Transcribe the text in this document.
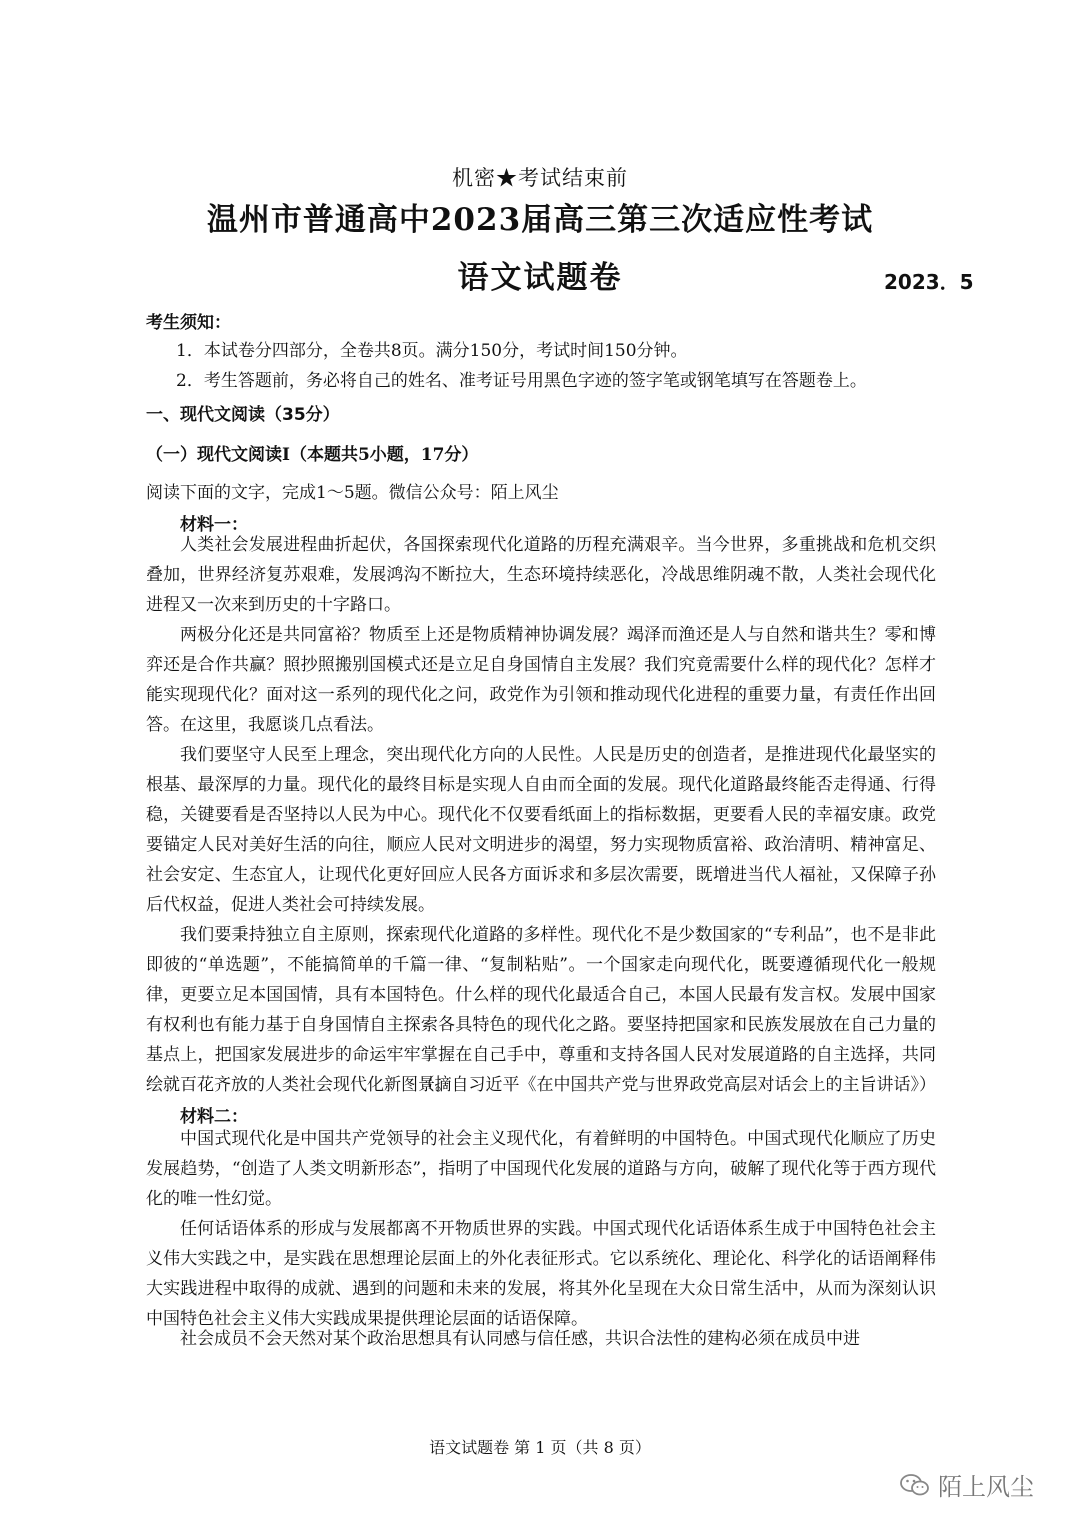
机密★考试结束前
温州市普通高中2023届高三第三次适应性考试
语文试题卷	2023．5
考生须知：
1．本试卷分四部分，全卷共8页。满分150分，考试时间150分钟。
2．考生答题前，务必将自己的姓名、准考证号用黑色字迹的签字笔或钢笔填写在答题卷上。
一、现代文阅读（35分）
（一）现代文阅读Ⅰ（本题共5小题，17分）
阅读下面的文字，完成1～5题。微信公众号：陌上风尘
材料一：
人类社会发展进程曲折起伏，各国探索现代化道路的历程充满艰辛。当今世界，多重挑战和危机交织叠加，世界经济复苏艰难，发展鸿沟不断拉大，生态环境持续恶化，冷战思维阴魂不散，人类社会现代化进程又一次来到历史的十字路口。
两极分化还是共同富裕？物质至上还是物质精神协调发展？竭泽而渔还是人与自然和谐共生？零和博弈还是合作共赢？照抄照搬别国模式还是立足自身国情自主发展？我们究竟需要什么样的现代化？怎样才能实现现代化？面对这一系列的现代化之问，政党作为引领和推动现代化进程的重要力量，有责任作出回答。在这里，我愿谈几点看法。
我们要坚守人民至上理念，突出现代化方向的人民性。人民是历史的创造者，是推进现代化最坚实的根基、最深厚的力量。现代化的最终目标是实现人自由而全面的发展。现代化道路最终能否走得通、行得稳，关键要看是否坚持以人民为中心。现代化不仅要看纸面上的指标数据，更要看人民的幸福安康。政党要锚定人民对美好生活的向往，顺应人民对文明进步的渴望，努力实现物质富裕、政治清明、精神富足、社会安定、生态宜人，让现代化更好回应人民各方面诉求和多层次需要，既增进当代人福祉，又保障子孙后代权益，促进人类社会可持续发展。
我们要秉持独立自主原则，探索现代化道路的多样性。现代化不是少数国家的“专利品”，也不是非此即彼的“单选题”，不能搞简单的千篇一律、“复制粘贴”。一个国家走向现代化，既要遵循现代化一般规律，更要立足本国国情，具有本国特色。什么样的现代化最适合自己，本国人民最有发言权。发展中国家有权利也有能力基于自身国情自主探索各具特色的现代化之路。要坚持把国家和民族发展放在自己力量的基点上，把国家发展进步的命运牢牢掌握在自己手中，尊重和支持各国人民对发展道路的自主选择，共同绘就百花齐放的人类社会现代化新图景。
（摘自习近平《在中国共产党与世界政党高层对话会上的主旨讲话》）
材料二：
中国式现代化是中国共产党领导的社会主义现代化，有着鲜明的中国特色。中国式现代化顺应了历史发展趋势，“创造了人类文明新形态”，指明了中国现代化发展的道路与方向，破解了现代化等于西方现代化的唯一性幻觉。
任何话语体系的形成与发展都离不开物质世界的实践。中国式现代化话语体系生成于中国特色社会主义伟大实践之中，是实践在思想理论层面上的外化表征形式。它以系统化、理论化、科学化的话语阐释伟大实践进程中取得的成就、遇到的问题和未来的发展，将其外化呈现在大众日常生活中，从而为深刻认识中国特色社会主义伟大实践成果提供理论层面的话语保障。
社会成员不会天然对某个政治思想具有认同感与信任感，共识合法性的建构必须在成员中进
语文试题卷 第 1 页（共 8 页）
陌上风尘
